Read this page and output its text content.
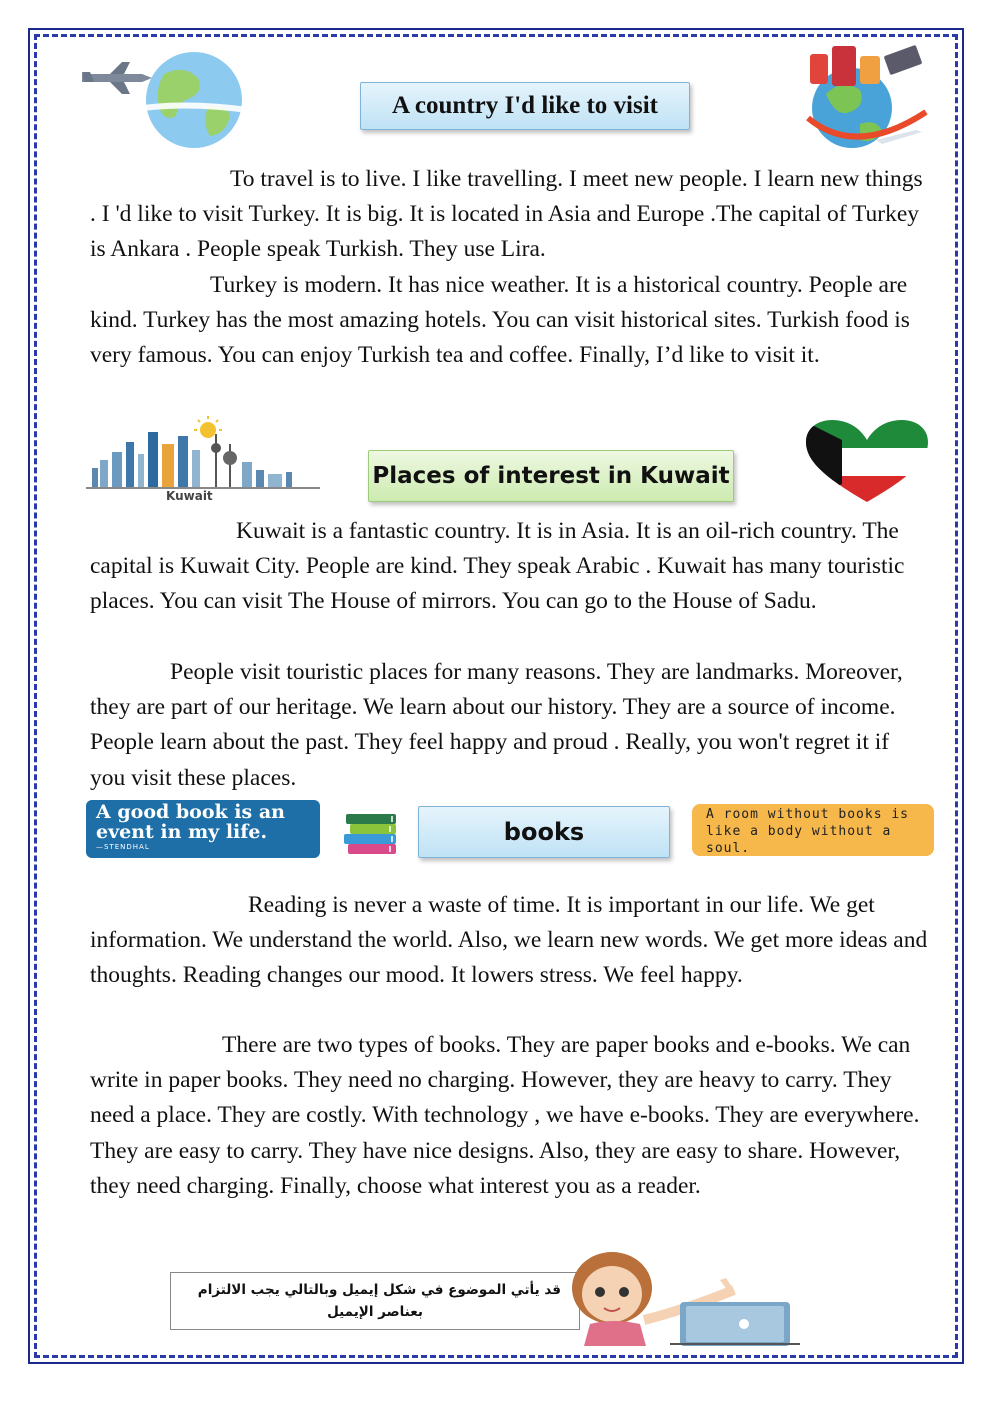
A country I'd like to visit
To travel is to live. I like travelling. I meet new people. I learn new things . I 'd like to visit Turkey. It is big. It is located in Asia and Europe .The capital of Turkey is Ankara . People speak Turkish. They use Lira.
Turkey is modern. It has nice weather. It is a historical country. People are kind. Turkey has the most amazing hotels. You can visit historical sites. Turkish food is very famous. You can enjoy Turkish tea and coffee. Finally, I’d like to visit it.
Kuwait
Places of interest in Kuwait
Kuwait is a fantastic country. It is in Asia. It is an oil-rich country. The capital is Kuwait City. People are kind. They speak Arabic . Kuwait has many touristic places. You can visit The House of mirrors. You can go to the House of Sadu.
People visit touristic places for many reasons. They are landmarks. Moreover, they are part of our heritage. We learn about our history. They are a source of income. People learn about the past. They feel happy and proud . Really, you won't regret it if you visit these places.
A good book is an event in my life.
—STENDHAL
books
A room without books is like a body without a soul.
Reading is never a waste of time. It is important in our life. We get information. We understand the world. Also, we learn new words. We get more ideas and thoughts. Reading changes our mood. It lowers stress. We feel happy.
There are two types of books. They are paper books and e-books. We can write in paper books. They need no charging. However, they are heavy to carry. They need a place. They are costly. With technology , we have e-books. They are everywhere. They are easy to carry. They have nice designs. Also, they are easy to share. However, they need charging. Finally, choose what interest you as a reader.
قد يأتي الموضوع في شكل إيميل وبالتالي يجب الالتزام
بعناصر الإيميل
